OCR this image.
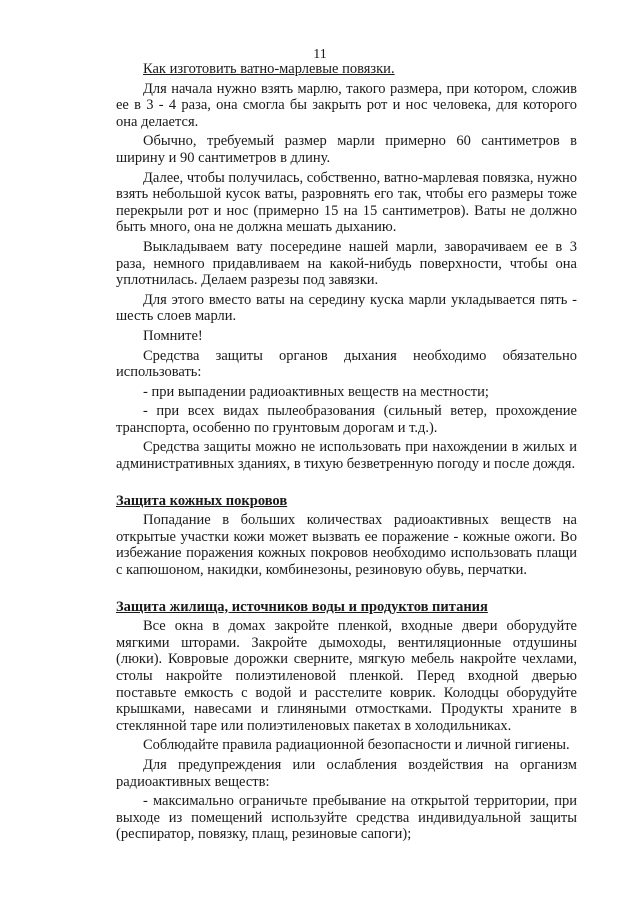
11

Как изготовить ватно-марлевые повязки.

Для начала нужно взять марлю, такого размера, при котором, сложив ее в 3 - 4 раза, она смогла бы закрыть рот и нос человека, для которого она делается.

Обычно, требуемый размер марли примерно 60 сантиметров в ширину и 90 сантиметров в длину.

Далее, чтобы получилась, собственно, ватно-марлевая повязка, нужно взять небольшой кусок ваты, разровнять его так, чтобы его размеры тоже перекрыли рот и нос (примерно 15 на 15 сантиметров). Ваты не должно быть много, она не должна мешать дыханию.

Выкладываем вату посередине нашей марли, заворачиваем ее в 3 раза, немного придавливаем на какой-нибудь поверхности, чтобы она уплотнилась. Делаем разрезы под завязки.

Для этого вместо ваты на середину куска марли укладывается пять - шесть слоев марли.

Помните!

Средства защиты органов дыхания необходимо обязательно использовать:

- при выпадении радиоактивных веществ на местности;

- при всех видах пылеобразования (сильный ветер, прохождение транспорта, особенно по грунтовым дорогам и т.д.).

Средства защиты можно не использовать при нахождении в жилых и административных зданиях, в тихую безветренную погоду и после дождя.

Защита кожных покровов

Попадание в больших количествах радиоактивных веществ на открытые участки кожи может вызвать ее поражение - кожные ожоги. Во избежание поражения кожных покровов необходимо использовать плащи с капюшоном, накидки, комбинезоны, резиновую обувь, перчатки.

Защита жилища, источников воды и продуктов питания

Все окна в домах закройте пленкой, входные двери оборудуйте мягкими шторами. Закройте дымоходы, вентиляционные отдушины (люки). Ковровые дорожки сверните, мягкую мебель накройте чехлами, столы накройте полиэтиленовой пленкой. Перед входной дверью поставьте емкость с водой и расстелите коврик. Колодцы оборудуйте крышками, навесами и глиняными отмостками. Продукты храните в стеклянной таре или полиэтиленовых пакетах в холодильниках.

Соблюдайте правила радиационной безопасности и личной гигиены.

Для предупреждения или ослабления воздействия на организм радиоактивных веществ:

- максимально ограничьте пребывание на открытой территории, при выходе из помещений используйте средства индивидуальной защиты (респиратор, повязку, плащ, резиновые сапоги);
